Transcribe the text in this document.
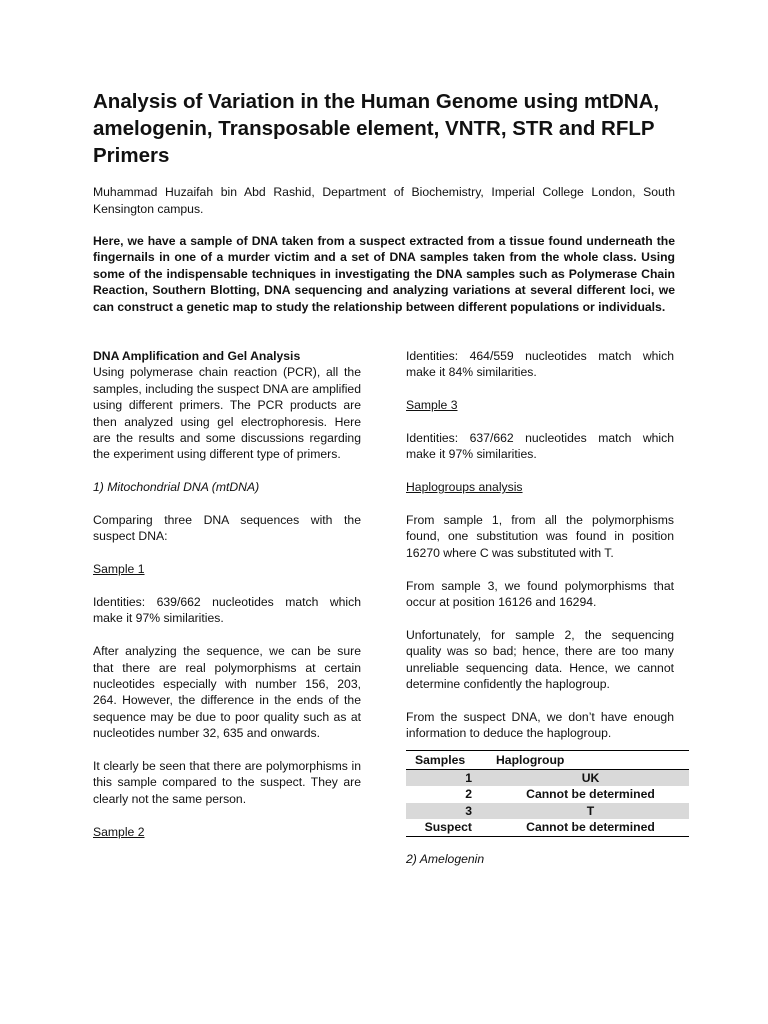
Analysis of Variation in the Human Genome using mtDNA, amelogenin, Transposable element, VNTR, STR and RFLP Primers

Muhammad Huzaifah bin Abd Rashid, Department of Biochemistry, Imperial College London, South Kensington campus.

Here, we have a sample of DNA taken from a suspect extracted from a tissue found underneath the fingernails in one of a murder victim and a set of DNA samples taken from the whole class. Using some of the indispensable techniques in investigating the DNA samples such as Polymerase Chain Reaction, Southern Blotting, DNA sequencing and analyzing variations at several different loci, we can construct a genetic map to study the relationship between different populations or individuals.

DNA Amplification and Gel Analysis

Using polymerase chain reaction (PCR), all the samples, including the suspect DNA are amplified using different primers. The PCR products are then analyzed using gel electrophoresis. Here are the results and some discussions regarding the experiment using different type of primers.

1) Mitochondrial DNA (mtDNA)

Comparing three DNA sequences with the suspect DNA:

Sample 1

Identities: 639/662 nucleotides match which make it 97% similarities.

After analyzing the sequence, we can be sure that there are real polymorphisms at certain nucleotides especially with number 156, 203, 264. However, the difference in the ends of the sequence may be due to poor quality such as at nucleotides number 32, 635 and onwards.

It clearly be seen that there are polymorphisms in this sample compared to the suspect. They are clearly not the same person.

Sample 2

Identities: 464/559 nucleotides match which make it 84% similarities.

Sample 3

Identities: 637/662 nucleotides match which make it 97% similarities.

Haplogroups analysis

From sample 1, from all the polymorphisms found, one substitution was found in position 16270 where C was substituted with T.

From sample 3, we found polymorphisms that occur at position 16126 and 16294.

Unfortunately, for sample 2, the sequencing quality was so bad; hence, there are too many unreliable sequencing data. Hence, we cannot determine confidently the haplogroup.

From the suspect DNA, we don’t have enough information to deduce the haplogroup.

Samples	Haplogroup
1	UK
2	Cannot be determined
3	T
Suspect	Cannot be determined

2) Amelogenin
